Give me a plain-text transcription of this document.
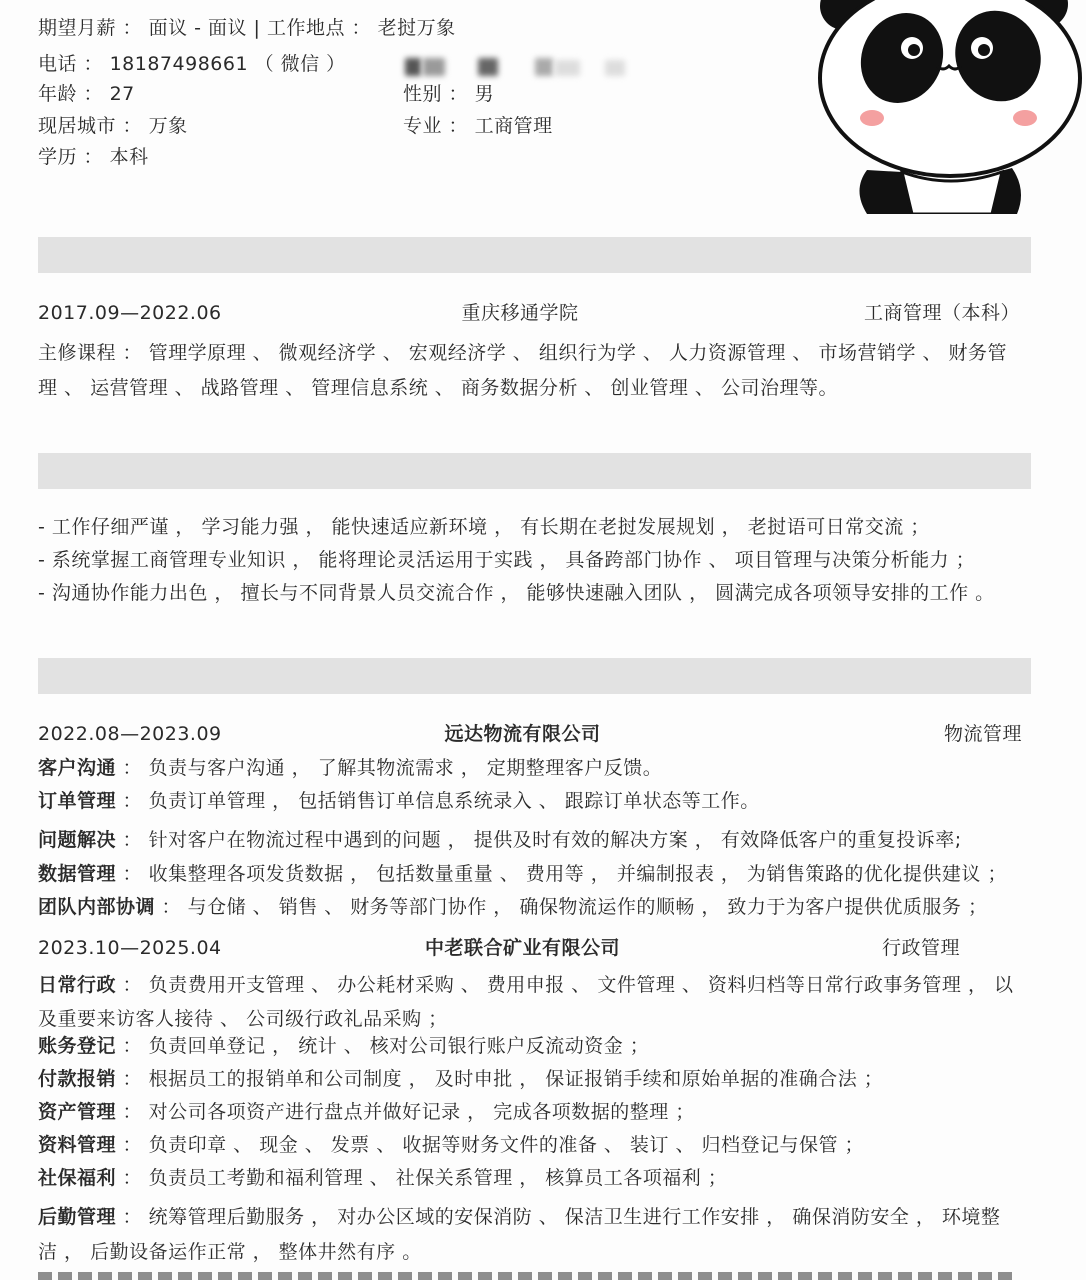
期望月薪 ： 面议 - 面议 | 工作地点 ： 老挝万象
电话 ： 18187498661 （ 微信 ）
年龄 ： 27	性别 ： 男
现居城市 ： 万象	专业 ： 工商管理
学历 ： 本科
2017.09—2022.06	重庆移通学院	工商管理（本科）
主修课程 ： 管理学原理 、 微观经济学 、 宏观经济学 、 组织行为学 、 人力资源管理 、 市场营销学 、 财务管
理 、 运营管理 、 战路管理 、 管理信息系统 、 商务数据分析 、 创业管理 、 公司治理等。
- 工作仔细严谨 ， 学习能力强 ， 能快速适应新环境 ， 有长期在老挝发展规划 ， 老挝语可日常交流 ；
- 系统掌握工商管理专业知识 ， 能将理论灵活运用于实践 ， 具备跨部门协作 、 项目管理与决策分析能力 ；
- 沟通协作能力出色 ， 擅长与不同背景人员交流合作 ， 能够快速融入团队 ， 圆满完成各项领导安排的工作 。
2022.08—2023.09	远达物流有限公司	物流管理
客户沟通 ： 负责与客户沟通 ， 了解其物流需求 ， 定期整理客户反馈。
订单管理 ： 负责订单管理 ， 包括销售订单信息系统录入 、 跟踪订单状态等工作。
问题解决 ： 针对客户在物流过程中遇到的问题 ， 提供及时有效的解决方案 ， 有效降低客户的重复投诉率;
数据管理 ： 收集整理各项发货数据 ， 包括数量重量 、 费用等 ， 并编制报表 ， 为销售策路的优化提供建议 ；
团队内部协调 ： 与仓储 、 销售 、 财务等部门协作 ， 确保物流运作的顺畅 ， 致力于为客户提供优质服务 ；
2023.10—2025.04	中老联合矿业有限公司	行政管理
日常行政 ： 负责费用开支管理 、 办公耗材采购 、 费用申报 、 文件管理 、 资料归档等日常行政事务管理 ， 以
及重要来访客人接待 、 公司级行政礼品采购 ；
账务登记 ： 负责回单登记 ， 统计 、 核对公司银行账户反流动资金 ；
付款报销 ： 根据员工的报销单和公司制度 ， 及时申批 ， 保证报销手续和原始单据的准确合法 ；
资产管理 ： 对公司各项资产进行盘点并做好记录 ， 完成各项数据的整理 ；
资料管理 ： 负责印章 、 现金 、 发票 、 收据等财务文件的准备 、 装订 、 归档登记与保管 ；
社保福利 ： 负责员工考勤和福利管理 、 社保关系管理 ， 核算员工各项福利 ；
后勤管理 ： 统筹管理后勤服务 ， 对办公区域的安保消防 、 保洁卫生进行工作安排 ， 确保消防安全 ， 环境整
洁 ， 后勤设备运作正常 ， 整体井然有序 。
